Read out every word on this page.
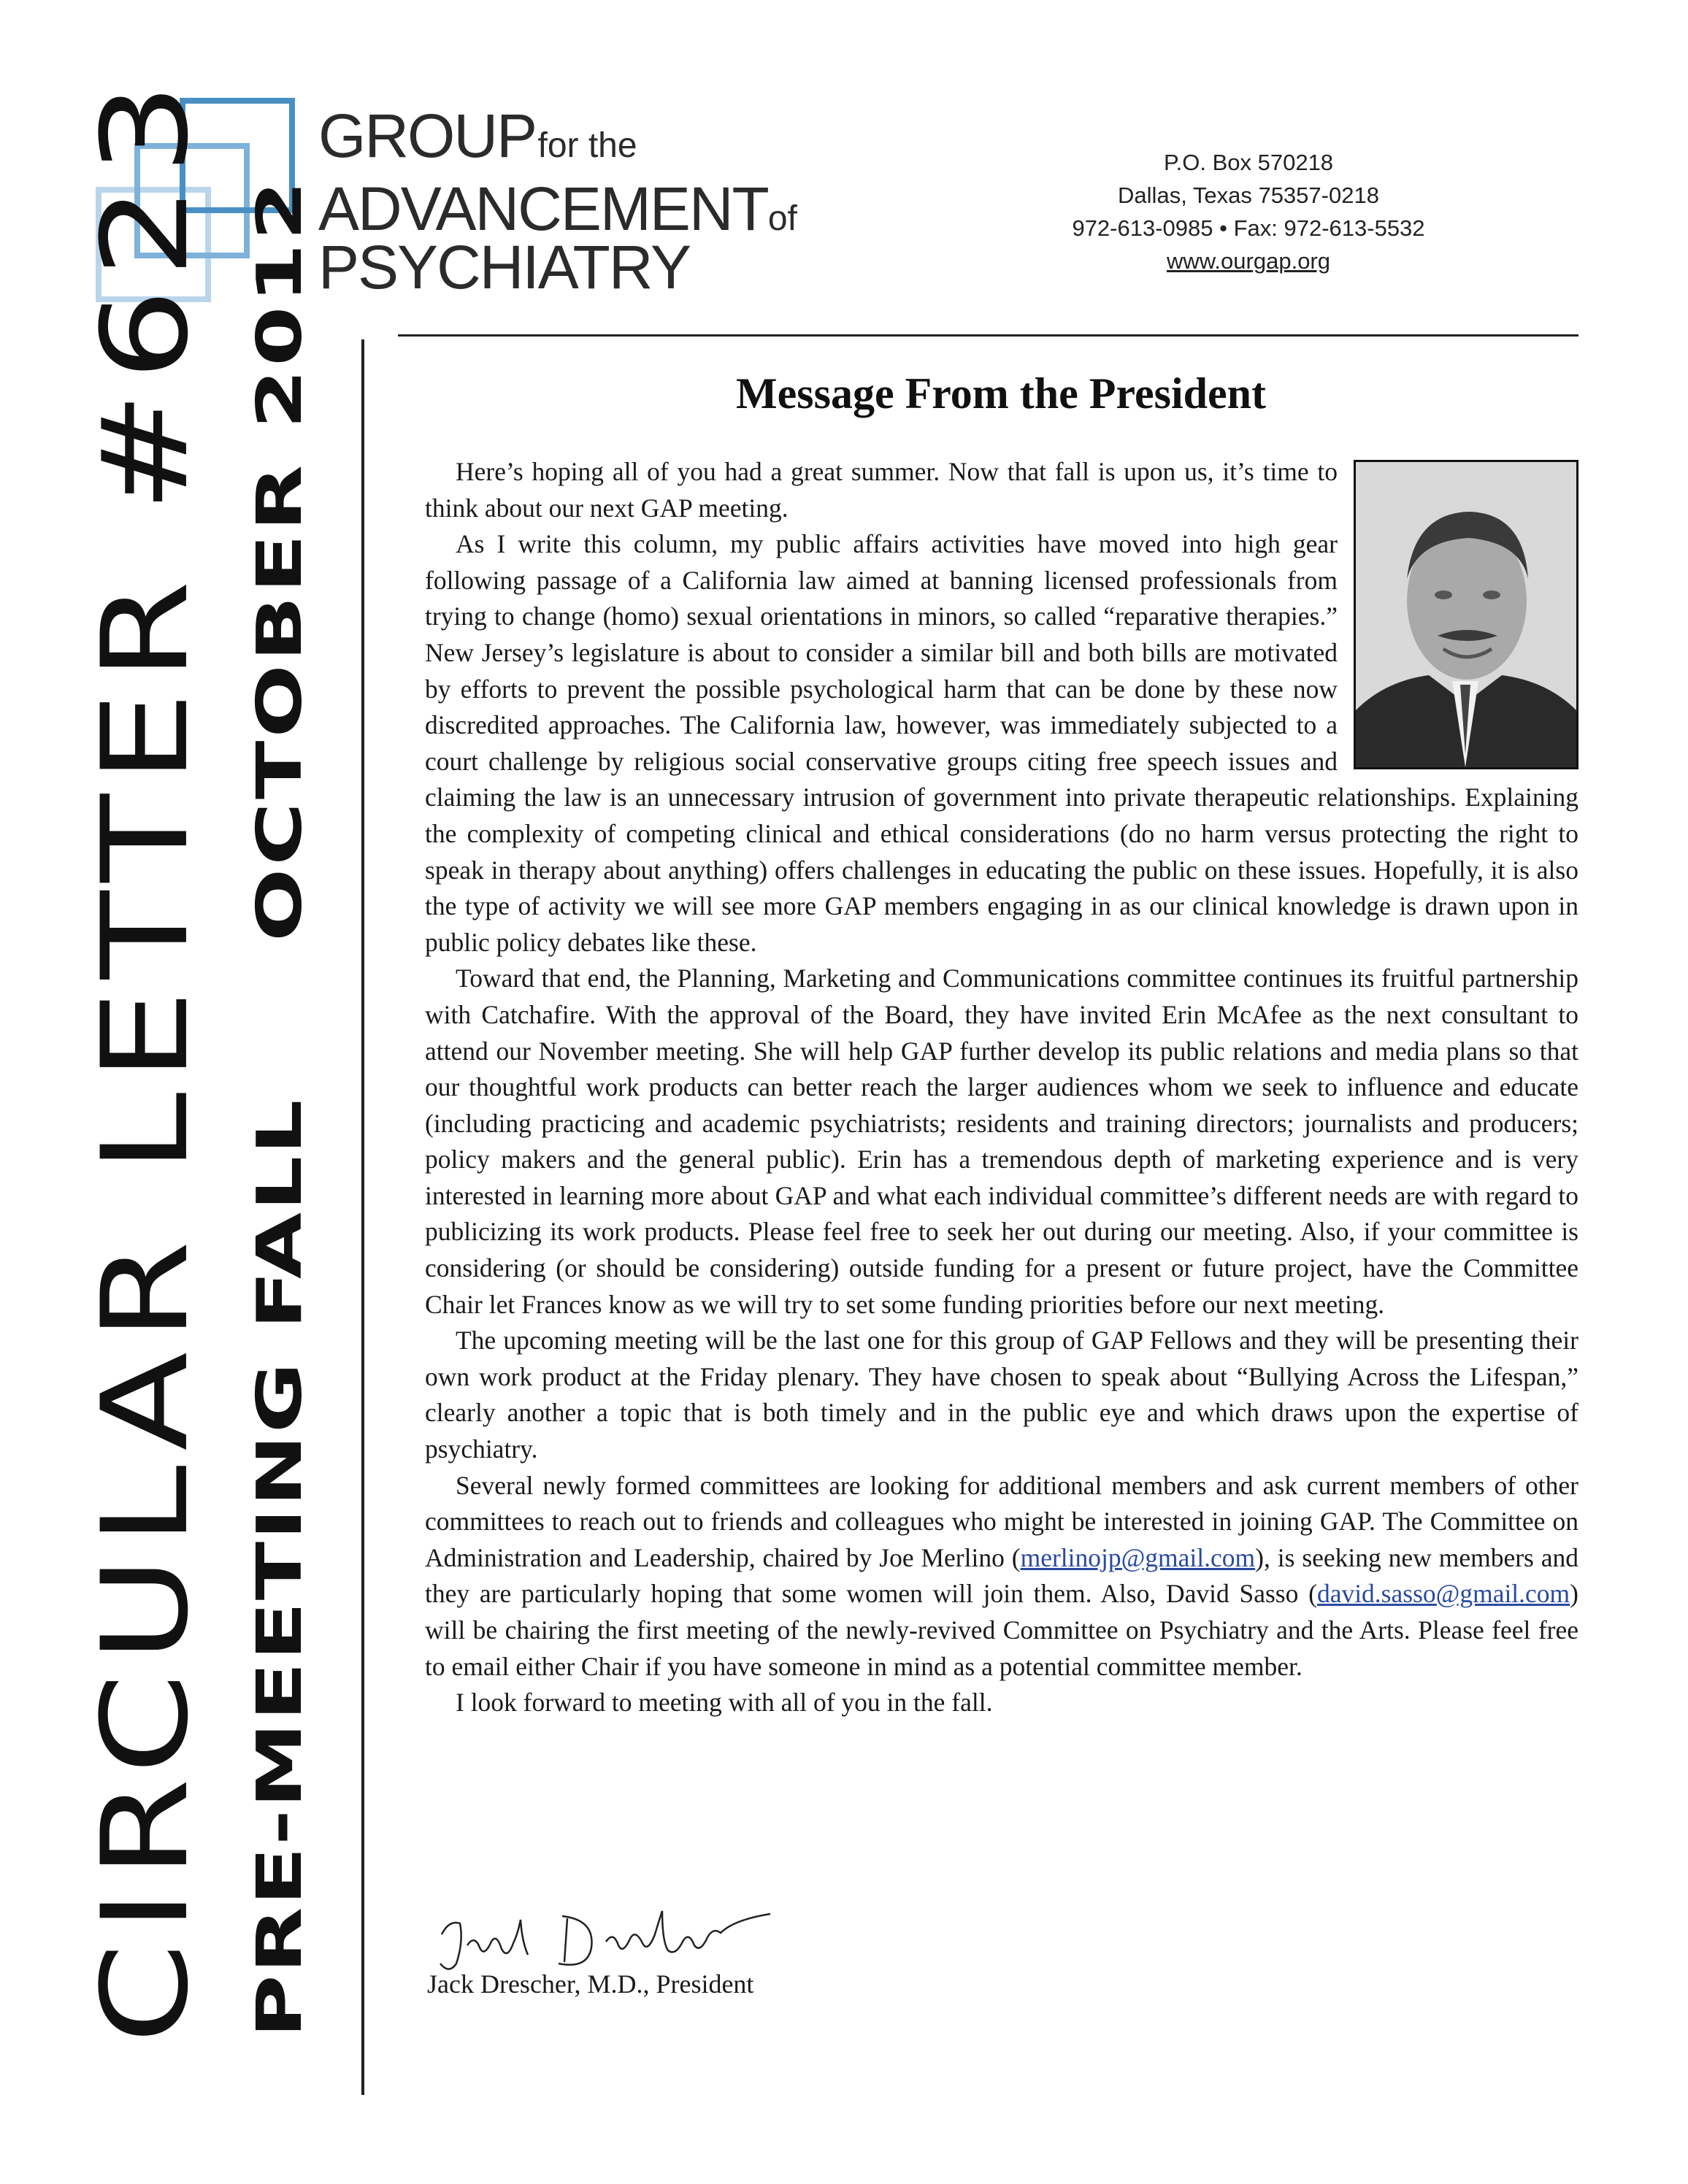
GROUP for the
ADVANCEMENTof
PSYCHIATRY
P.O. Box 570218
Dallas, Texas 75357-0218
972-613-0985 • Fax: 972-613-5532
www.ourgap.org
CIRCULAR LETTER #623 PRE-MEETING FALL
OCTOBER 2012	Message From the President

Here’s hoping all of you had a great summer. Now that fall is upon us, it’s time to think about our next GAP meeting.

As I write this column, my public affairs activities have moved into high gear following passage of a California law aimed at banning licensed professionals from trying to change (homo) sexual orientations in minors, so called “reparative therapies.” New Jersey’s legislature is about to consider a similar bill and both bills are motivated by efforts to prevent the possible psychological harm that can be done by these now discredited approaches. The California law, however, was immediately subjected to a court challenge by religious social conservative groups citing free speech issues and claiming the law is an unnecessary intrusion of government into private therapeutic relationships. Explaining the complexity of competing clinical and ethical considerations (do no harm versus protecting the right to speak in therapy about anything) offers challenges in educating the public on these issues. Hopefully, it is also the type of activity we will see more GAP members engaging in as our clinical knowledge is drawn upon in public policy debates like these.

Toward that end, the Planning, Marketing and Communications committee continues its fruitful partnership with Catchafire. With the approval of the Board, they have invited Erin McAfee as the next consultant to attend our November meeting. She will help GAP further develop its public relations and media plans so that our thoughtful work products can better reach the larger audiences whom we seek to influence and educate (including practicing and academic psychiatrists; residents and training directors; journalists and producers; policy makers and the general public). Erin has a tremendous depth of marketing experience and is very interested in learning more about GAP and what each individual committee’s different needs are with regard to publicizing its work products. Please feel free to seek her out during our meeting. Also, if your committee is considering (or should be considering) outside funding for a present or future project, have the Committee Chair let Frances know as we will try to set some funding priorities before our next meeting.

The upcoming meeting will be the last one for this group of GAP Fellows and they will be presenting their own work product at the Friday plenary. They have chosen to speak about “Bullying Across the Lifespan,” clearly another a topic that is both timely and in the public eye and which draws upon the expertise of psychiatry.

Several newly formed committees are looking for additional members and ask current members of other committees to reach out to friends and colleagues who might be interested in joining GAP. The Committee on Administration and Leadership, chaired by Joe Merlino (merlinojp@gmail.com), is seeking new members and they are particularly hoping that some women will join them. Also, David Sasso (david.sasso@gmail.com) will be chairing the first meeting of the newly-revived Committee on Psychiatry and the Arts. Please feel free to email either Chair if you have someone in mind as a potential committee member.

I look forward to meeting with all of you in the fall.

Jack Drescher, M.D., President
